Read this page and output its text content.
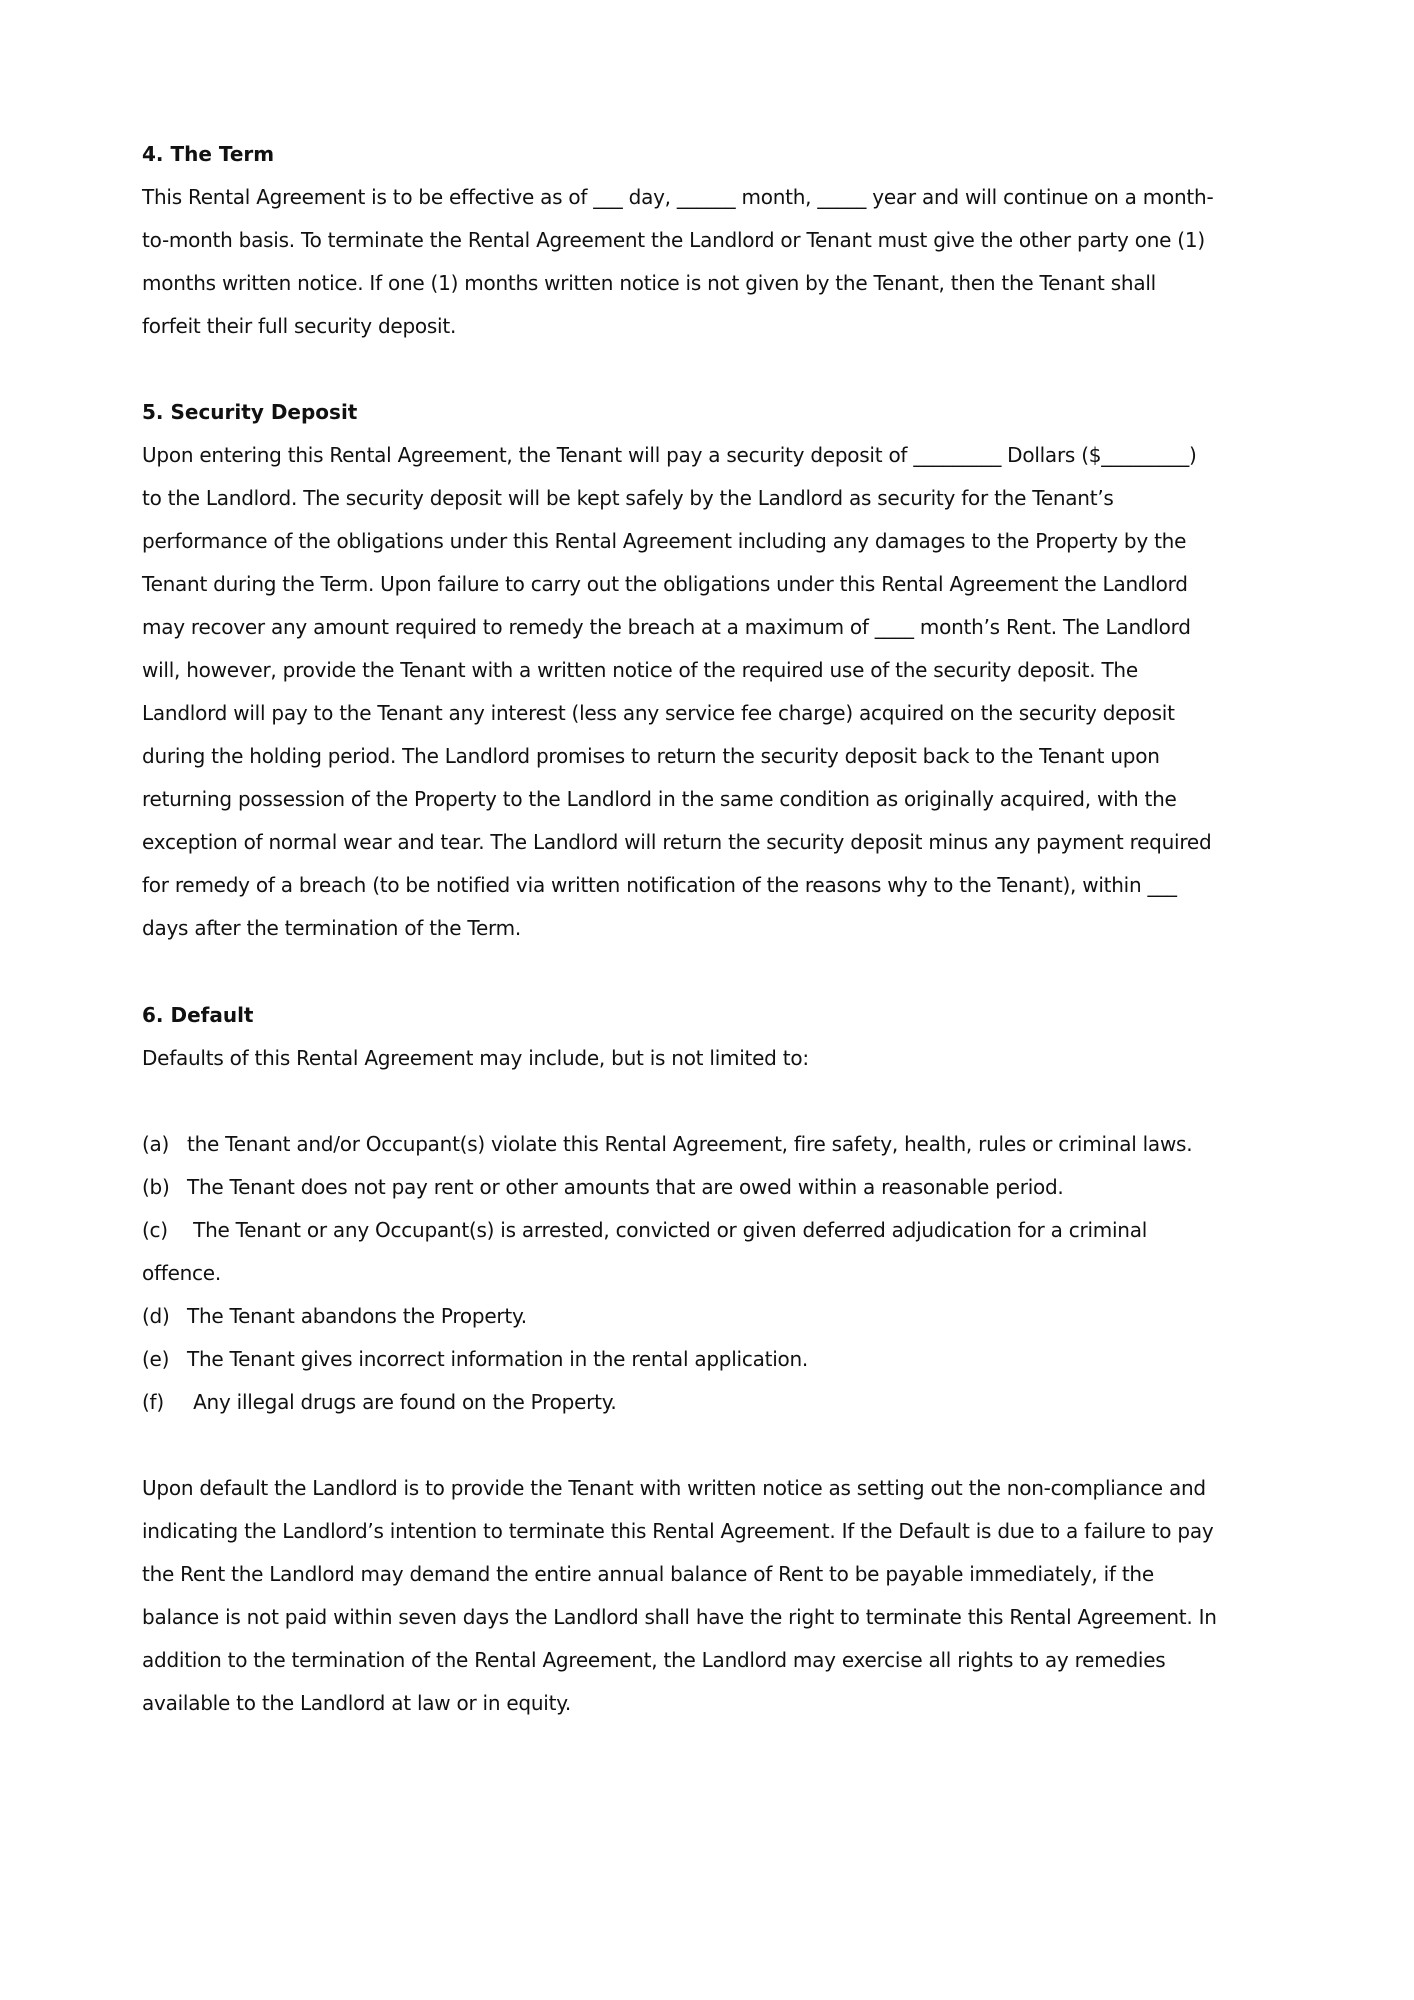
4. The Term
This Rental Agreement is to be effective as of ___ day, ______ month, _____ year and will continue on a month-
to-month basis. To terminate the Rental Agreement the Landlord or Tenant must give the other party one (1)
months written notice. If one (1) months written notice is not given by the Tenant, then the Tenant shall
forfeit their full security deposit.
5. Security Deposit
Upon entering this Rental Agreement, the Tenant will pay a security deposit of _________ Dollars ($_________)
to the Landlord. The security deposit will be kept safely by the Landlord as security for the Tenant’s
performance of the obligations under this Rental Agreement including any damages to the Property by the
Tenant during the Term. Upon failure to carry out the obligations under this Rental Agreement the Landlord
may recover any amount required to remedy the breach at a maximum of ____ month’s Rent. The Landlord
will, however, provide the Tenant with a written notice of the required use of the security deposit. The
Landlord will pay to the Tenant any interest (less any service fee charge) acquired on the security deposit
during the holding period. The Landlord promises to return the security deposit back to the Tenant upon
returning possession of the Property to the Landlord in the same condition as originally acquired, with the
exception of normal wear and tear. The Landlord will return the security deposit minus any payment required
for remedy of a breach (to be notified via written notification of the reasons why to the Tenant), within ___
days after the termination of the Term.
6. Default
Defaults of this Rental Agreement may include, but is not limited to:
(a) the Tenant and/or Occupant(s) violate this Rental Agreement, fire safety, health, rules or criminal laws.
(b) The Tenant does not pay rent or other amounts that are owed within a reasonable period.
(c) The Tenant or any Occupant(s) is arrested, convicted or given deferred adjudication for a criminal
offence.
(d) The Tenant abandons the Property.
(e) The Tenant gives incorrect information in the rental application.
(f) Any illegal drugs are found on the Property.
Upon default the Landlord is to provide the Tenant with written notice as setting out the non-compliance and
indicating the Landlord’s intention to terminate this Rental Agreement. If the Default is due to a failure to pay
the Rent the Landlord may demand the entire annual balance of Rent to be payable immediately, if the
balance is not paid within seven days the Landlord shall have the right to terminate this Rental Agreement. In
addition to the termination of the Rental Agreement, the Landlord may exercise all rights to ay remedies
available to the Landlord at law or in equity.
